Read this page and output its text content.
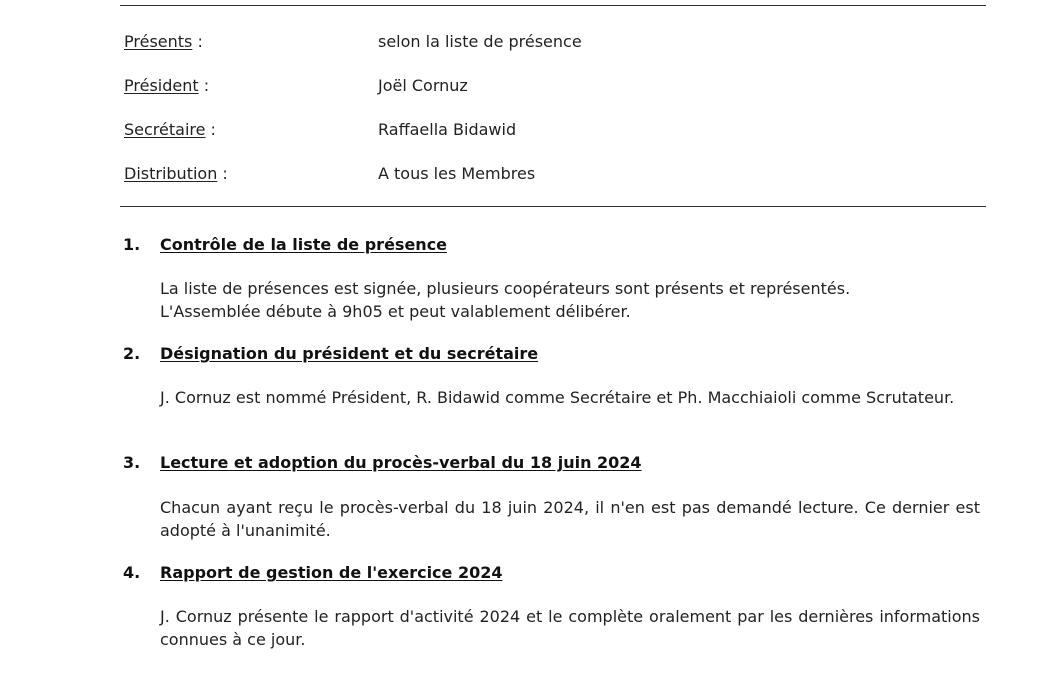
Présents :	selon la liste de présence
Président :	Joël Cornuz
Secrétaire :	Raffaella Bidawid
Distribution :	A tous les Membres
1. Contrôle de la liste de présence
La liste de présences est signée, plusieurs coopérateurs sont présents et représentés.
L'Assemblée débute à 9h05 et peut valablement délibérer.
2. Désignation du président et du secrétaire
J. Cornuz est nommé Président, R. Bidawid comme Secrétaire et Ph. Macchiaioli comme Scrutateur.
3. Lecture et adoption du procès-verbal du 18 juin 2024
Chacun ayant reçu le procès-verbal du 18 juin 2024, il n'en est pas demandé lecture. Ce dernier est adopté à l'unanimité.
4. Rapport de gestion de l'exercice 2024
J. Cornuz présente le rapport d'activité 2024 et le complète oralement par les dernières informations connues à ce jour.
